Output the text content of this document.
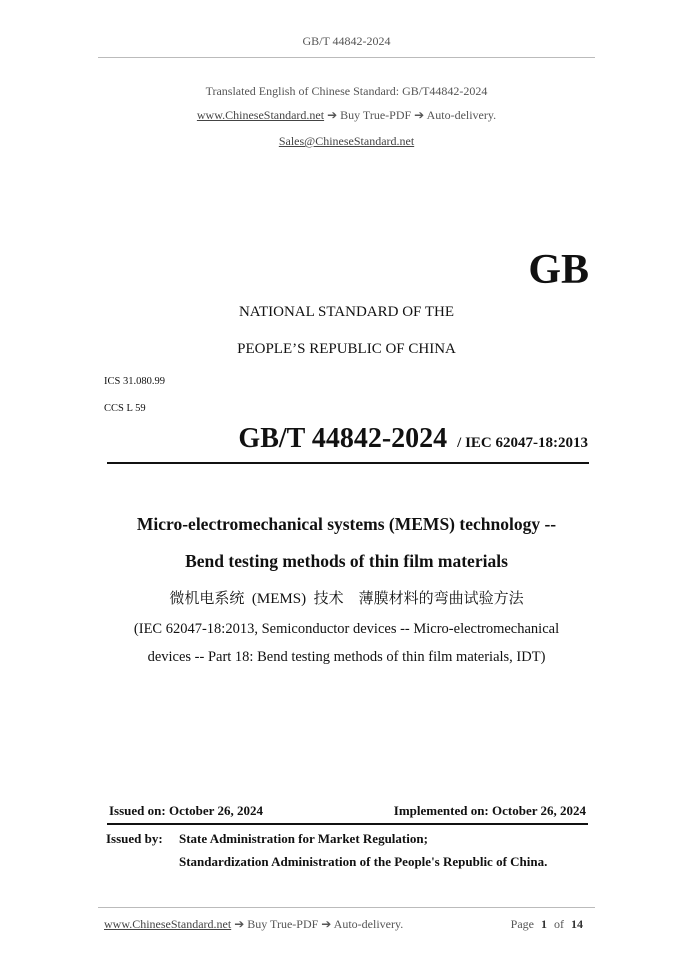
GB/T 44842-2024
Translated English of Chinese Standard: GB/T44842-2024
www.ChineseStandard.net ➔ Buy True-PDF ➔ Auto-delivery.
Sales@ChineseStandard.net
GB
NATIONAL STANDARD OF THE
PEOPLE’S REPUBLIC OF CHINA
ICS 31.080.99
CCS L 59
GB/T 44842-2024 / IEC 62047-18:2013
Micro-electromechanical systems (MEMS) technology --
Bend testing methods of thin film materials
微机电系统  (MEMS)  技术    薄膜材料的弯曲试验方法
(IEC 62047-18:2013, Semiconductor devices -- Micro-electromechanical
devices -- Part 18: Bend testing methods of thin film materials, IDT)
Issued on: October 26, 2024	Implemented on: October 26, 2024
Issued by: State Administration for Market Regulation;
Standardization Administration of the People's Republic of China.
www.ChineseStandard.net ➔ Buy True-PDF ➔ Auto-delivery.	Page 1 of 14
